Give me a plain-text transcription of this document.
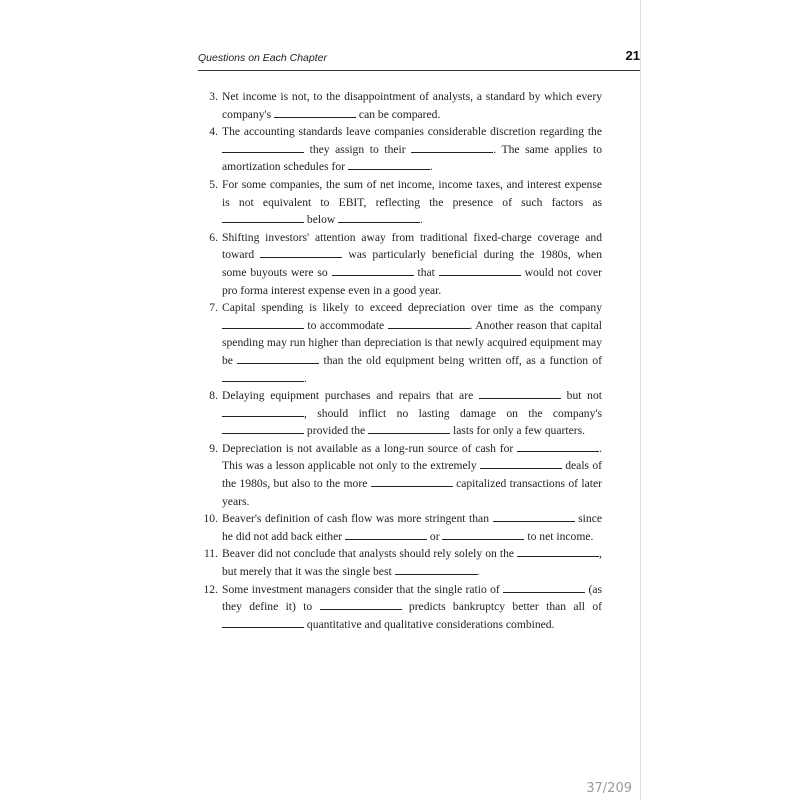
Questions on Each Chapter	21
3. Net income is not, to the disappointment of analysts, a standard by which every company's	can be compared.
4. The accounting standards leave companies considerable discretion regarding the  they assign to their	. The same applies to amortization schedules for	.
5. For some companies, the sum of net income, income taxes, and interest expense is not equivalent to EBIT, reflecting the presence of such factors as  below	.
6. Shifting investors' attention away from traditional fixed-charge coverage and toward	was particularly beneficial during the 1980s, when some buyouts were so	that	would not cover pro forma interest expense even in a good year.
7. Capital spending is likely to exceed depreciation over time as the company  to accommodate	. Another reason that capital spending may run higher than depreciation is that newly acquired equipment may be	than the old equipment being written off, as a function of .
8. Delaying equipment purchases and repairs that are	but not , should inflict no lasting damage on the company's  provided the	lasts for only a few quarters.
9. Depreciation is not available as a long-run source of cash for	. This was a lesson applicable not only to the extremely	deals of the 1980s, but also to the more	capitalized transactions of later years.
10. Beaver's definition of cash flow was more stringent than	since he did not add back either	or	to net income.
11. Beaver did not conclude that analysts should rely solely on the	, but merely that it was the single best	.
12. Some investment managers consider that the single ratio of	(as they define it) to	predicts bankruptcy better than all of  quantitative and qualitative considerations combined.
37/209
